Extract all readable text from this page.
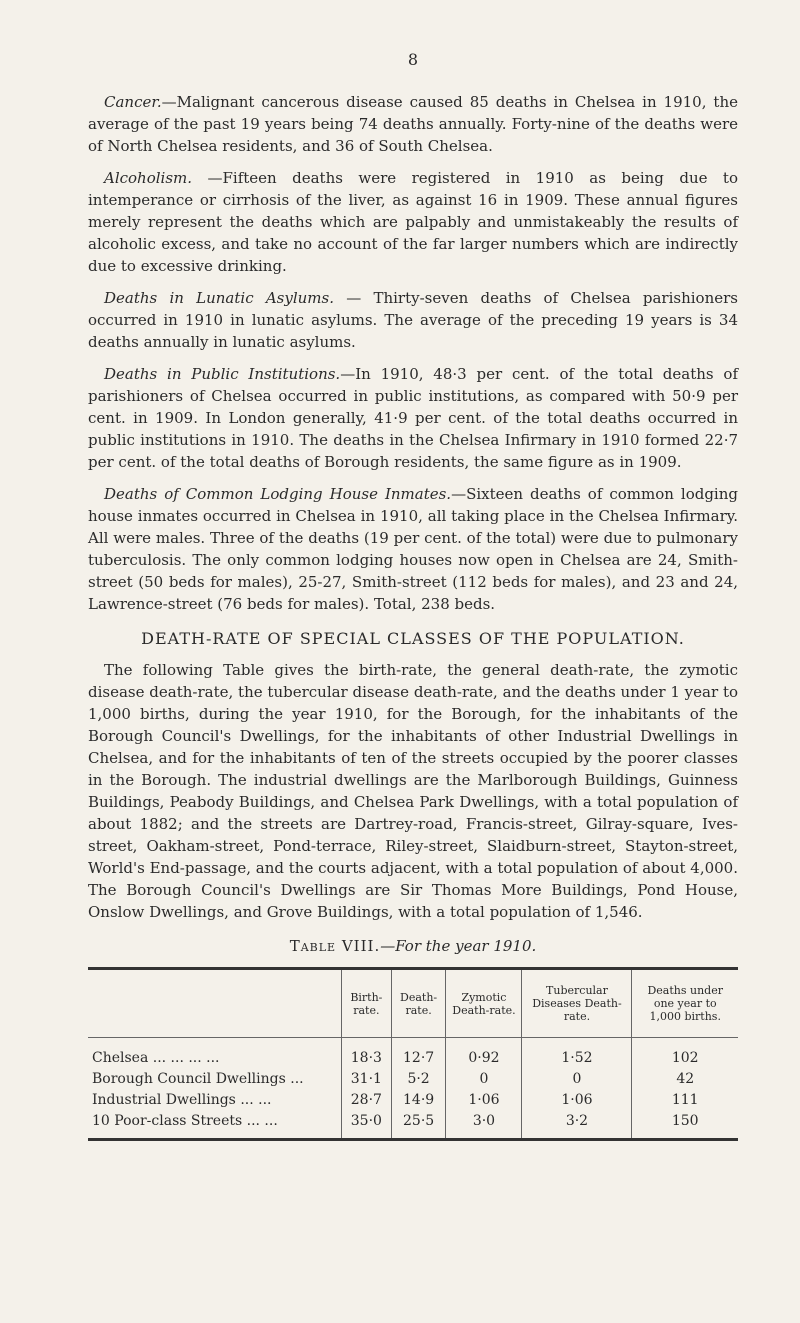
8

Cancer.—Malignant cancerous disease caused 85 deaths in Chelsea in 1910, the average of the past 19 years being 74 deaths annually. Forty-nine of the deaths were of North Chelsea residents, and 36 of South Chelsea.

Alcoholism. —Fifteen deaths were registered in 1910 as being due to intemperance or cirrhosis of the liver, as against 16 in 1909. These annual figures merely represent the deaths which are palpably and unmistakeably the results of alcoholic excess, and take no account of the far larger numbers which are indirectly due to excessive drinking.

Deaths in Lunatic Asylums. — Thirty-seven deaths of Chelsea parishioners occurred in 1910 in lunatic asylums. The average of the preceding 19 years is 34 deaths annually in lunatic asylums.

Deaths in Public Institutions.—In 1910, 48·3 per cent. of the total deaths of parishioners of Chelsea occurred in public institutions, as compared with 50·9 per cent. in 1909. In London generally, 41·9 per cent. of the total deaths occurred in public institutions in 1910. The deaths in the Chelsea Infirmary in 1910 formed 22·7 per cent. of the total deaths of Borough residents, the same figure as in 1909.

Deaths of Common Lodging House Inmates.—Sixteen deaths of common lodging house inmates occurred in Chelsea in 1910, all taking place in the Chelsea Infirmary. All were males. Three of the deaths (19 per cent. of the total) were due to pulmonary tuberculosis. The only common lodging houses now open in Chelsea are 24, Smith-street (50 beds for males), 25-27, Smith-street (112 beds for males), and 23 and 24, Lawrence-street (76 beds for males). Total, 238 beds.

DEATH-RATE OF SPECIAL CLASSES OF THE POPULATION.

The following Table gives the birth-rate, the general death-rate, the zymotic disease death-rate, the tubercular disease death-rate, and the deaths under 1 year to 1,000 births, during the year 1910, for the Borough, for the inhabitants of the Borough Council's Dwellings, for the inhabitants of other Industrial Dwellings in Chelsea, and for the inhabitants of ten of the streets occupied by the poorer classes in the Borough. The industrial dwellings are the Marlborough Buildings, Guinness Buildings, Peabody Buildings, and Chelsea Park Dwellings, with a total population of about 1882; and the streets are Dartrey-road, Francis-street, Gilray-square, Ives-street, Oakham-street, Pond-terrace, Riley-street, Slaidburn-street, Stayton-street, World's End-passage, and the courts adjacent, with a total population of about 4,000. The Borough Council's Dwellings are Sir Thomas More Buildings, Pond House, Onslow Dwellings, and Grove Buildings, with a total population of 1,546.

Table VIII.—For the year 1910.
	Birth-rate.	Death-rate.	Zymotic Death-rate.	Tubercular Diseases Death-rate.	Deaths under one year to 1,000 births.
Chelsea ... ... ... ...	18·3	12·7	0·92	1·52	102
Borough Council Dwellings ...	31·1	5·2	0	0	42
Industrial Dwellings ... ...	28·7	14·9	1·06	1·06	111
10 Poor-class Streets ... ...	35·0	25·5	3·0	3·2	150
